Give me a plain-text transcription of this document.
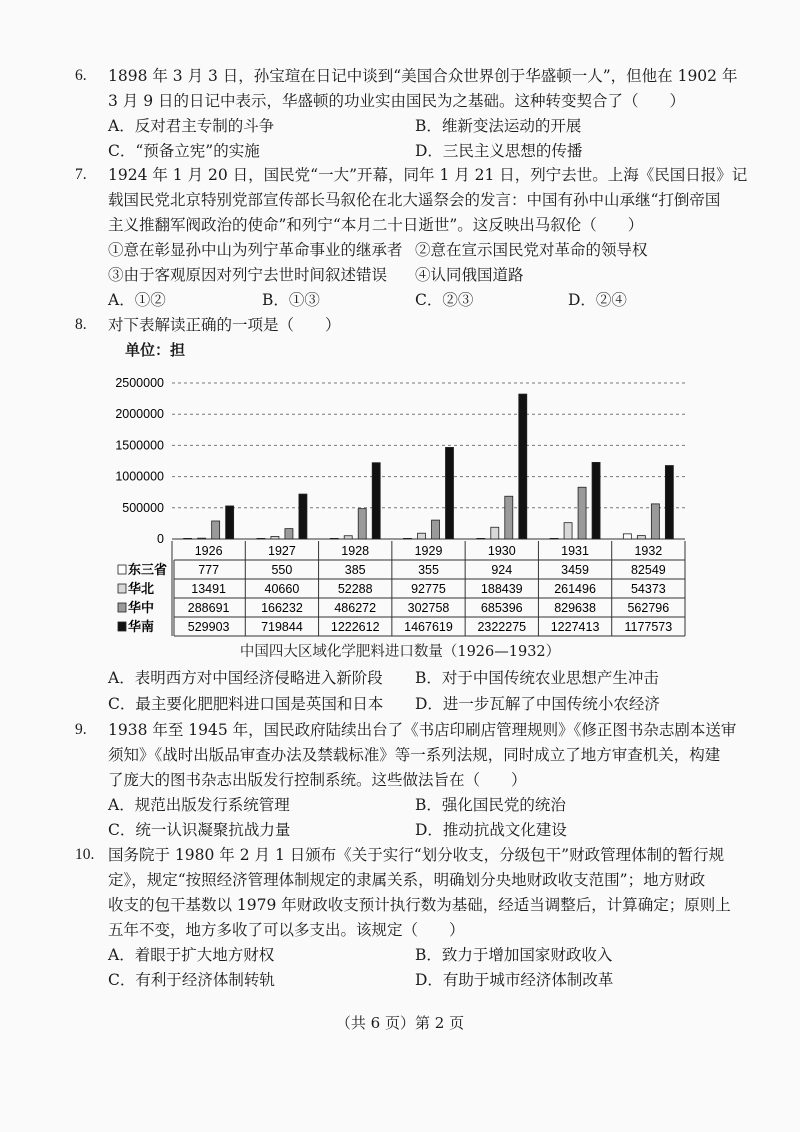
6. 1898 年 3 月 3 日，孙宝瑄在日记中谈到“美国合众世界创于华盛顿一人”，但他在 1902 年
3 月 9 日的日记中表示，华盛顿的功业实由国民为之基础。这种转变契合了（　　）
A．反对君主专制的斗争	B．维新变法运动的开展
C．“预备立宪”的实施	D．三民主义思想的传播
7. 1924 年 1 月 20 日，国民党“一大”开幕，同年 1 月 21 日，列宁去世。上海《民国日报》记
载国民党北京特别党部宣传部长马叙伦在北大遥祭会的发言：中国有孙中山承继“打倒帝国
主义推翻军阀政治的使命”和列宁“本月二十日逝世”。这反映出马叙伦（　　）
①意在彰显孙中山为列宁革命事业的继承者 ②意在宣示国民党对革命的领导权
③由于客观原因对列宁去世时间叙述错误 ④认同俄国道路
A．①②	B．①③	C．②③	D．②④
8. 对下表解读正确的一项是（　　）
单位：担
2500000
2000000
1500000
1000000
500000
0
1926	1927	1928	1929	1930	1931	1932
东三省 777	550	385	355	924	3459	82549
华北	13491	40660	52288	92775	188439	261496	54373
华中	288691	166232	486272	302758	685396	829638	562796
华南	529903	719844 1222612 1467619 2322275 1227413 1177573
中国四大区域化学肥料进口数量（1926—1932）
A．表明西方对中国经济侵略进入新阶段 B．对于中国传统农业思想产生冲击
C．最主要化肥肥料进口国是英国和日本 D．进一步瓦解了中国传统小农经济
9. 1938 年至 1945 年，国民政府陆续出台了《书店印刷店管理规则》《修正图书杂志剧本送审
须知》《战时出版品审查办法及禁载标准》等一系列法规，同时成立了地方审查机关，构建
了庞大的图书杂志出版发行控制系统。这些做法旨在（　　）
A．规范出版发行系统管理	B．强化国民党的统治
C．统一认识凝聚抗战力量	D．推动抗战文化建设
10. 国务院于 1980 年 2 月 1 日颁布《关于实行“划分收支，分级包干”财政管理体制的暂行规
定》，规定“按照经济管理体制规定的隶属关系，明确划分央地财政收支范围”；地方财政
收支的包干基数以 1979 年财政收支预计执行数为基础，经适当调整后，计算确定；原则上
五年不变，地方多收了可以多支出。该规定（　　）
A．着眼于扩大地方财权	B．致力于增加国家财政收入
C．有利于经济体制转轨	D．有助于城市经济体制改革
（共 6 页）第 2 页
